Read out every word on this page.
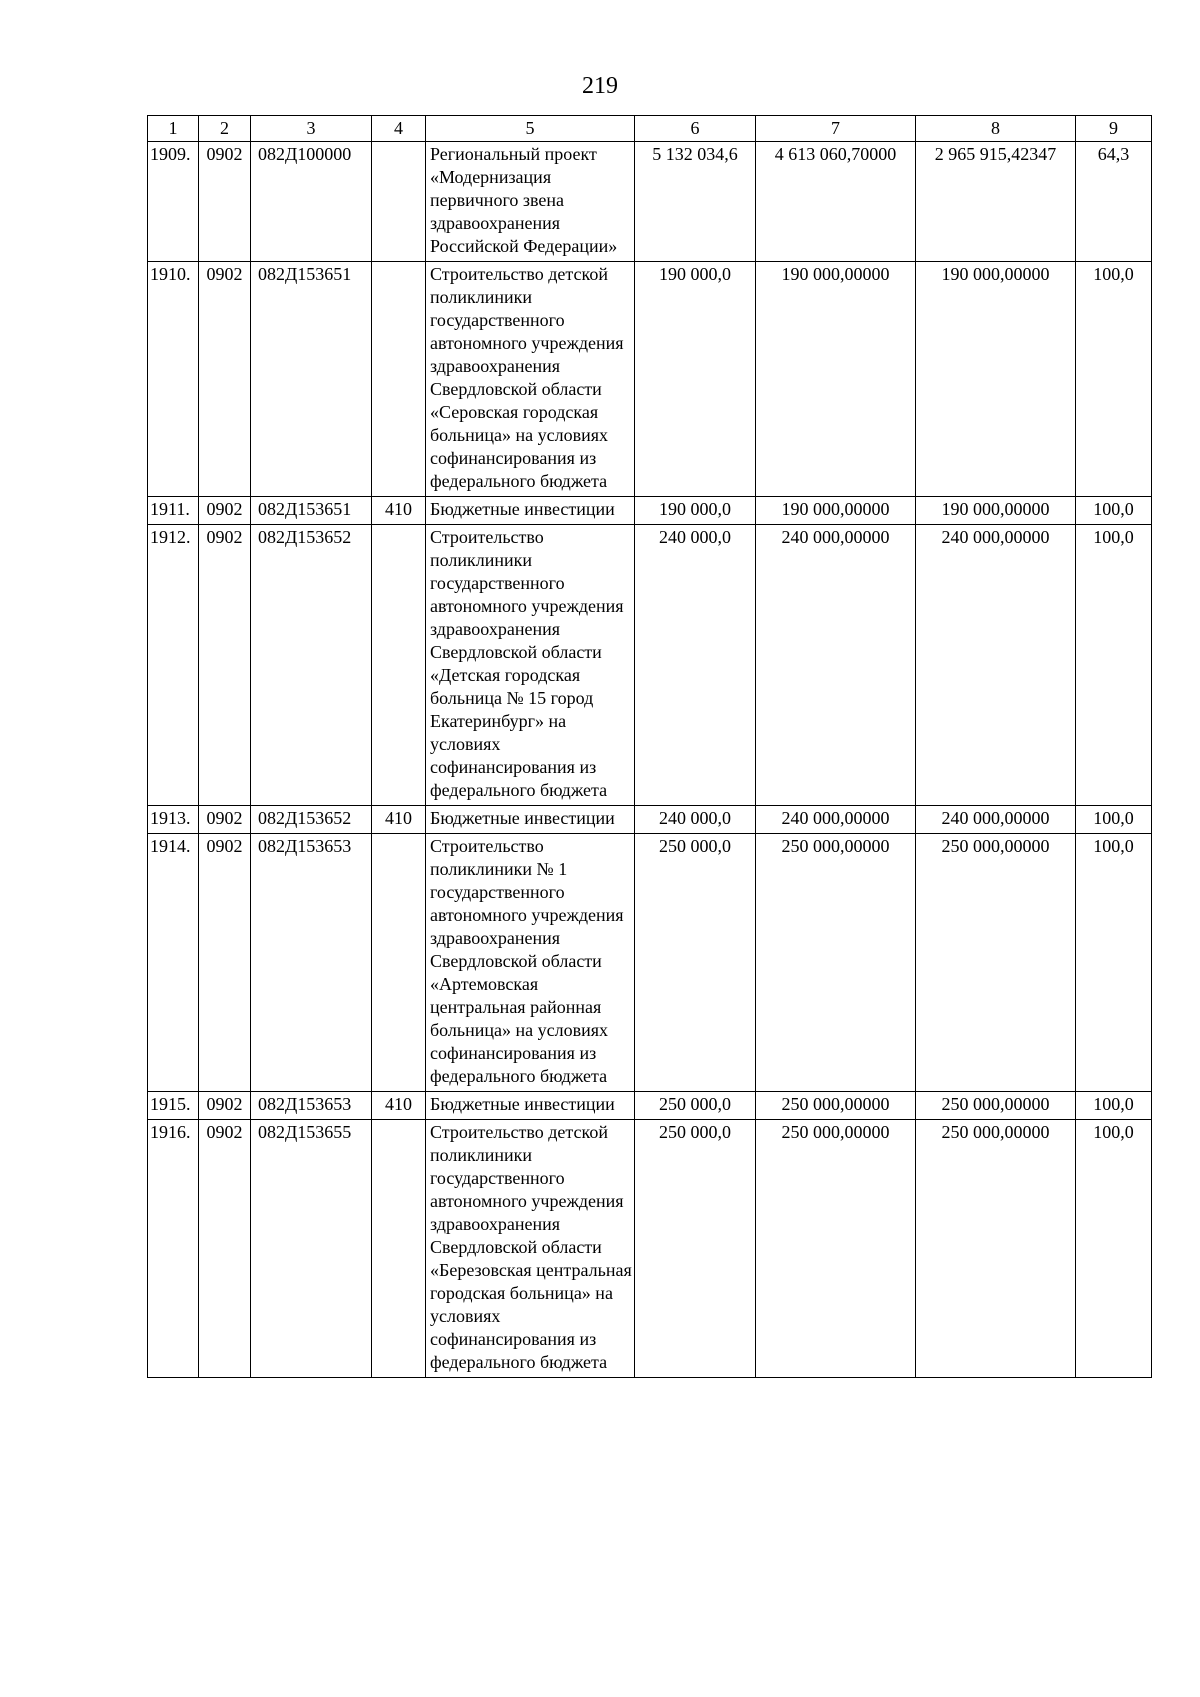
219
1	2	3	4	5	6	7	8	9
1909.	0902	082Д100000		Региональный проект «Модернизация первичного звена здравоохранения Российской Федерации»	5 132 034,6	4 613 060,70000	2 965 915,42347	64,3
1910.	0902	082Д153651		Строительство детской поликлиники государственного автономного учреждения здравоохранения Свердловской области «Серовская городская больница» на условиях софинансирования из федерального бюджета	190 000,0	190 000,00000	190 000,00000	100,0
1911.	0902	082Д153651	410	Бюджетные инвестиции	190 000,0	190 000,00000	190 000,00000	100,0
1912.	0902	082Д153652		Строительство поликлиники государственного автономного учреждения здравоохранения Свердловской области «Детская городская больница № 15 город Екатеринбург» на условиях софинансирования из федерального бюджета	240 000,0	240 000,00000	240 000,00000	100,0
1913.	0902	082Д153652	410	Бюджетные инвестиции	240 000,0	240 000,00000	240 000,00000	100,0
1914.	0902	082Д153653		Строительство поликлиники № 1 государственного автономного учреждения здравоохранения Свердловской области «Артемовская центральная районная больница» на условиях софинансирования из федерального бюджета	250 000,0	250 000,00000	250 000,00000	100,0
1915.	0902	082Д153653	410	Бюджетные инвестиции	250 000,0	250 000,00000	250 000,00000	100,0
1916.	0902	082Д153655		Строительство детской поликлиники государственного автономного учреждения здравоохранения Свердловской области «Березовская центральная городская больница» на условиях софинансирования из федерального бюджета	250 000,0	250 000,00000	250 000,00000	100,0
